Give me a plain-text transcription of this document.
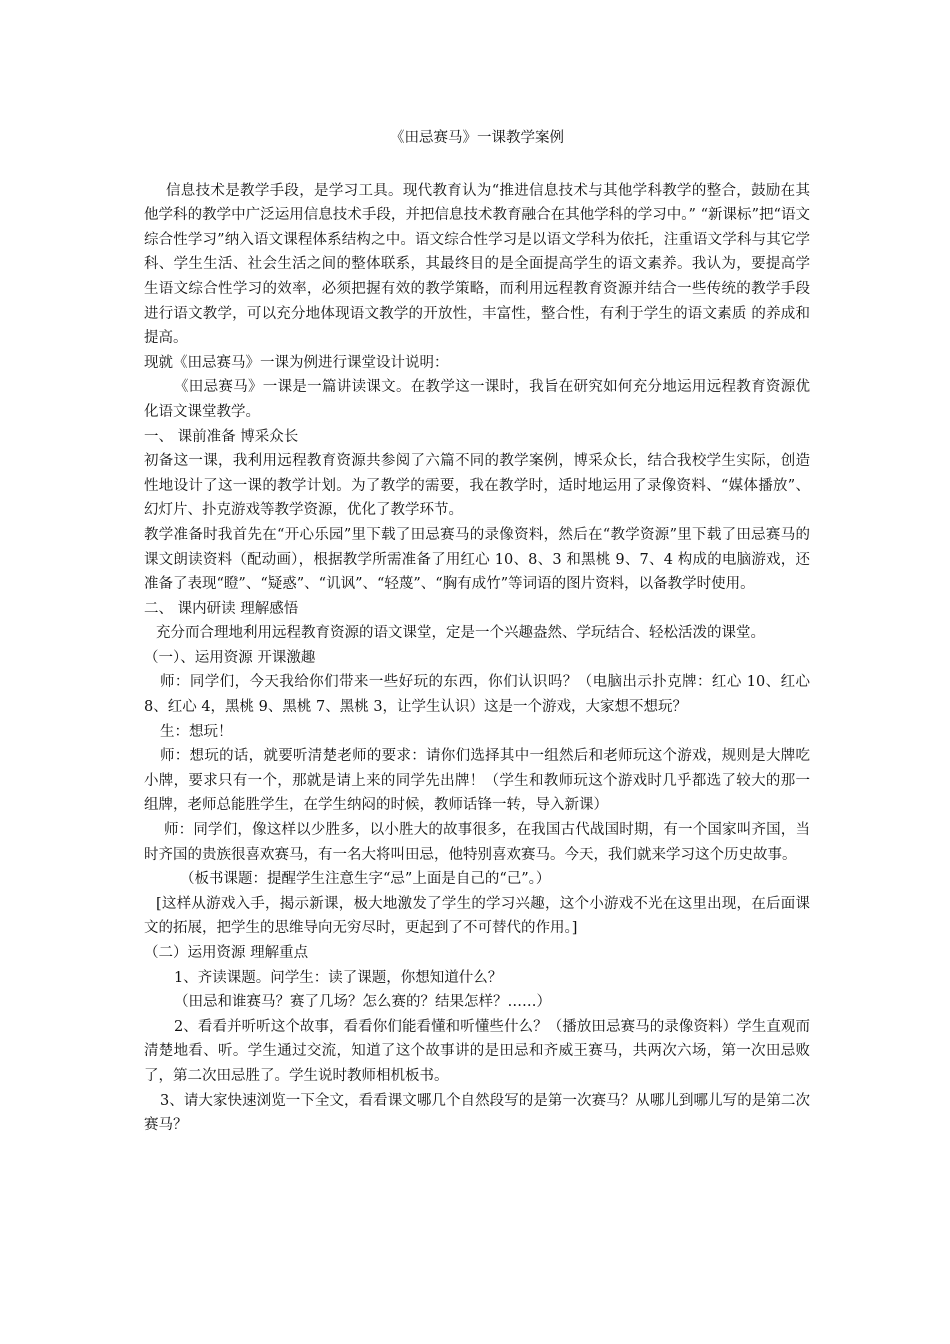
《田忌赛马》一课教学案例

信息技术是教学手段，是学习工具。现代教育认为“推进信息技术与其他学科教学的整合，鼓励在其他学科的教学中广泛运用信息技术手段，并把信息技术教育融合在其他学科的学习中。” “新课标”把“语文综合性学习”纳入语文课程体系结构之中。语文综合性学习是以语文学科为依托，注重语文学科与其它学科、学生生活、社会生活之间的整体联系，其最终目的是全面提高学生的语文素养。我认为，要提高学生语文综合性学习的效率，必须把握有效的教学策略，而利用远程教育资源并结合一些传统的教学手段进行语文教学，可以充分地体现语文教学的开放性，丰富性，整合性，有利于学生的语文素质 的养成和提高。

现就《田忌赛马》一课为例进行课堂设计说明：

《田忌赛马》一课是一篇讲读课文。在教学这一课时，我旨在研究如何充分地运用远程教育资源优化语文课堂教学。

一、 课前准备 博采众长

初备这一课，我利用远程教育资源共参阅了六篇不同的教学案例，博采众长，结合我校学生实际，创造性地设计了这一课的教学计划。为了教学的需要，我在教学时，适时地运用了录像资料、“媒体播放”、幻灯片、扑克游戏等教学资源，优化了教学环节。

教学准备时我首先在“开心乐园”里下载了田忌赛马的录像资料，然后在“教学资源”里下载了田忌赛马的课文朗读资料（配动画），根据教学所需准备了用红心 10、8、3 和黑桃 9、7、4 构成的电脑游戏，还准备了表现“瞪”、“疑惑”、“讥讽”、“轻蔑”、“胸有成竹”等词语的图片资料，以备教学时使用。

二、 课内研读 理解感悟

充分而合理地利用远程教育资源的语文课堂，定是一个兴趣盎然、学玩结合、轻松活泼的课堂。

（一）、运用资源 开课激趣

师：同学们，今天我给你们带来一些好玩的东西，你们认识吗？（电脑出示扑克牌：红心 10、红心 8、红心 4，黑桃 9、黑桃 7、黑桃 3，让学生认识）这是一个游戏，大家想不想玩？

生：想玩！

师：想玩的话，就要听清楚老师的要求：请你们选择其中一组然后和老师玩这个游戏，规则是大牌吃小牌，要求只有一个，那就是请上来的同学先出牌！（学生和教师玩这个游戏时几乎都选了较大的那一组牌，老师总能胜学生，在学生纳闷的时候，教师话锋一转，导入新课）

师：同学们，像这样以少胜多，以小胜大的故事很多，在我国古代战国时期，有一个国家叫齐国，当时齐国的贵族很喜欢赛马，有一名大将叫田忌，他特别喜欢赛马。今天，我们就来学习这个历史故事。

（板书课题：提醒学生注意生字“忌”上面是自己的“己”。）

[这样从游戏入手，揭示新课，极大地激发了学生的学习兴趣，这个小游戏不光在这里出现，在后面课文的拓展，把学生的思维导向无穷尽时，更起到了不可替代的作用。]

（二）运用资源 理解重点

1、齐读课题。问学生：读了课题，你想知道什么？

（田忌和谁赛马？赛了几场？怎么赛的？结果怎样？……）

2、看看并听听这个故事，看看你们能看懂和听懂些什么？（播放田忌赛马的录像资料）学生直观而清楚地看、听。学生通过交流，知道了这个故事讲的是田忌和齐威王赛马，共两次六场，第一次田忌败了，第二次田忌胜了。学生说时教师相机板书。

3、请大家快速浏览一下全文，看看课文哪几个自然段写的是第一次赛马？从哪儿到哪儿写的是第二次赛马？
